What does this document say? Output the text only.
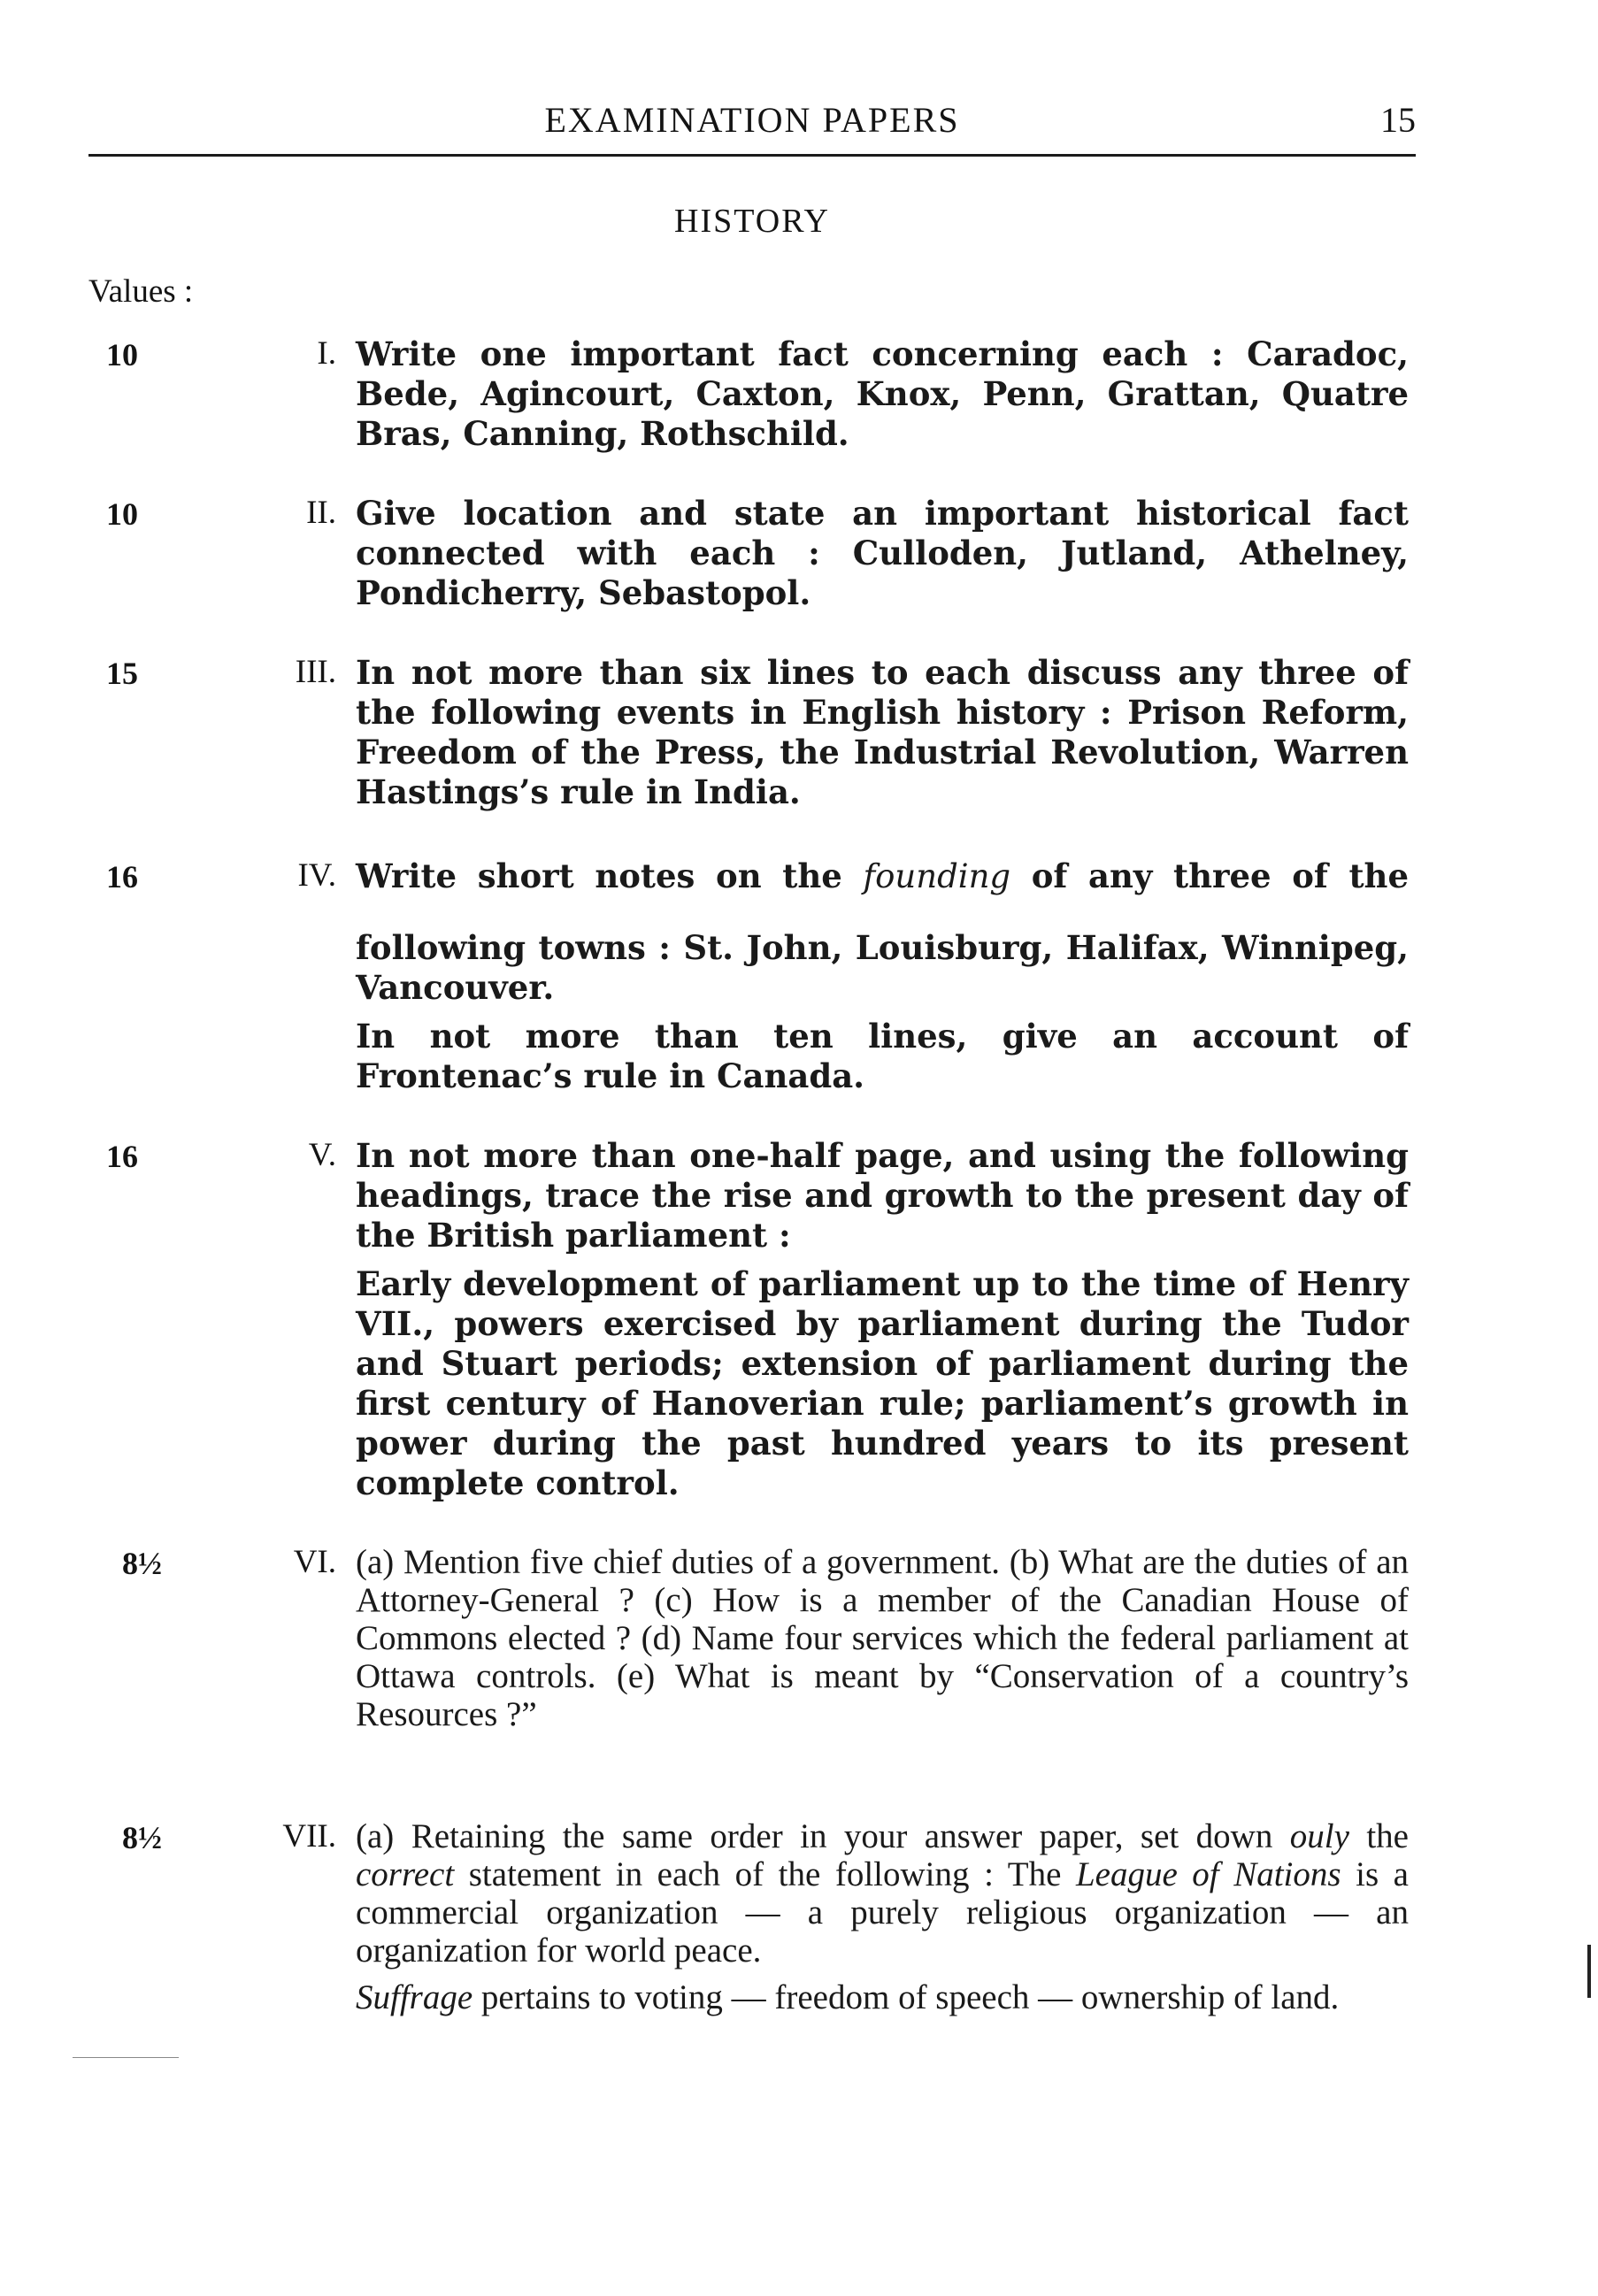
EXAMINATION PAPERS	15
HISTORY
Values :
10	I. Write one important fact concerning each : Caradoc, Bede, Agincourt, Caxton, Knox, Penn, Grattan, Quatre Bras, Canning, Rothschild.

10	II. Give location and state an important historical fact connected with each : Culloden, Jutland, Athelney, Pondicherry, Sebastopol.

15	III. In not more than six lines to each discuss any three of the following events in English history : Prison Reform, Freedom of the Press, the Industrial Revolution, Warren Hastings’s rule in India.

16	IV. Write short notes on the founding of any three of the

following towns : St. John, Louisburg, Halifax, Winnipeg, Vancouver.

In not more than ten lines, give an account of Frontenac’s rule in Canada.

16	V. In not more than one-half page, and using the following headings, trace the rise and growth to the present day of the British parliament :

Early development of parliament up to the time of Henry VII., powers exercised by parliament during the Tudor and Stuart periods; extension of parliament during the first century of Hanoverian rule; parliament’s growth in power during the past hundred years to its present complete control.

8½	VI. (a) Mention five chief duties of a government. (b) What are the duties of an Attorney-General ? (c) How is a member of the Canadian House of Commons elected ? (d) Name four services which the federal parliament at Ottawa controls. (e) What is meant by “Conservation of a country’s Resources ?”

8½	VII. (a) Retaining the same order in your answer paper, set down ouly the correct statement in each of the following : The League of Nations is a commercial organization — a purely religious organization — an organization for world peace.

Suffrage pertains to voting — freedom of speech — ownership of land.
